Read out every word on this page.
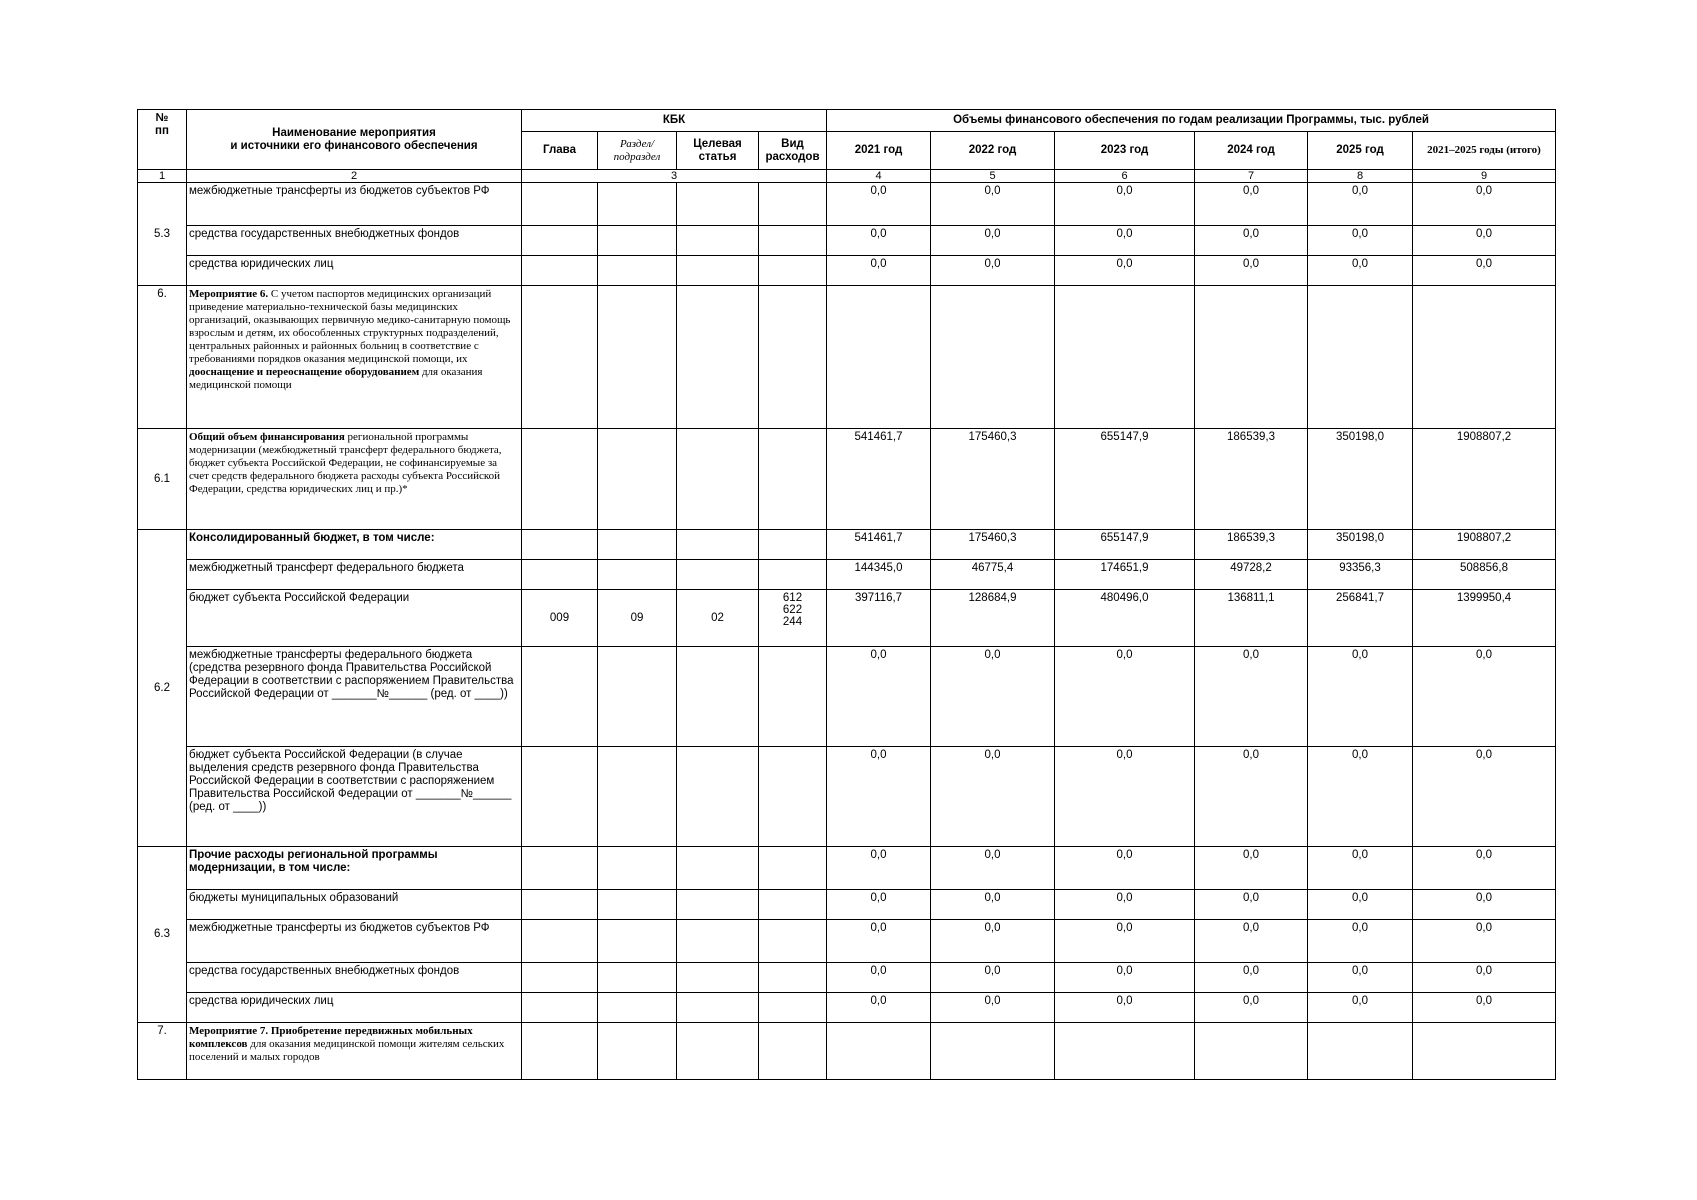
№
пп	Наименование мероприятия
и источники его финансового обеспечения	КБК				Объемы финансового обеспечения по годам реализации Программы, тыс. рублей					
		Глава	Раздел/
подраздел	Целевая
статья	Вид
расходов	2021 год	2022 год	2023 год	2024 год	2025 год	2021–2025 годы (итого)
1	2	3				4	5	6	7	8	9
5.3	межбюджетные трансферты из бюджетов субъектов РФ					0,0	0,0	0,0	0,0	0,0	0,0
	средства государственных внебюджетных фондов					0,0	0,0	0,0	0,0	0,0	0,0
	средства юридических лиц					0,0	0,0	0,0	0,0	0,0	0,0
6.	Мероприятие 6. С учетом паспортов медицинских организаций приведение материально-технической базы медицинских организаций, оказывающих первичную медико-санитарную помощь взрослым и детям, их обособленных структурных подразделений, центральных районных и районных больниц в соответствие с требованиями порядков оказания медицинской помощи, их дооснащение и переоснащение оборудованием для оказания медицинской помощи										
6.1	Общий объем финансирования региональной программы модернизации (межбюджетный трансферт федерального бюджета, бюджет субъекта Российской Федерации, не софинансируемые за счет средств федерального бюджета расходы субъекта Российской Федерации, средства юридических лиц и пр.)*					541461,7	175460,3	655147,9	186539,3	350198,0	1908807,2
6.2	Консолидированный бюджет, в том числе:					541461,7	175460,3	655147,9	186539,3	350198,0	1908807,2
	межбюджетный трансферт федерального бюджета					144345,0	46775,4	174651,9	49728,2	93356,3	508856,8
	бюджет субъекта Российской Федерации	009	09	02	612
622
244	397116,7	128684,9	480496,0	136811,1	256841,7	1399950,4
	межбюджетные трансферты федерального бюджета (средства резервного фонда Правительства Российской Федерации в соответствии с распоряжением Правительства Российской Федерации от _______№______ (ред. от ____))					0,0	0,0	0,0	0,0	0,0	0,0
	бюджет субъекта Российской Федерации (в случае выделения средств резервного фонда Правительства Российской Федерации в соответствии с распоряжением Правительства Российской Федерации от _______№______ (ред. от ____))					0,0	0,0	0,0	0,0	0,0	0,0
6.3	Прочие расходы региональной программы модернизации, в том числе:					0,0	0,0	0,0	0,0	0,0	0,0
	бюджеты муниципальных образований					0,0	0,0	0,0	0,0	0,0	0,0
	межбюджетные трансферты из бюджетов субъектов РФ					0,0	0,0	0,0	0,0	0,0	0,0
	средства государственных внебюджетных фондов					0,0	0,0	0,0	0,0	0,0	0,0
	средства юридических лиц					0,0	0,0	0,0	0,0	0,0	0,0
7.	Мероприятие 7. Приобретение передвижных мобильных комплексов для оказания медицинской помощи жителям сельских поселений и малых городов										
